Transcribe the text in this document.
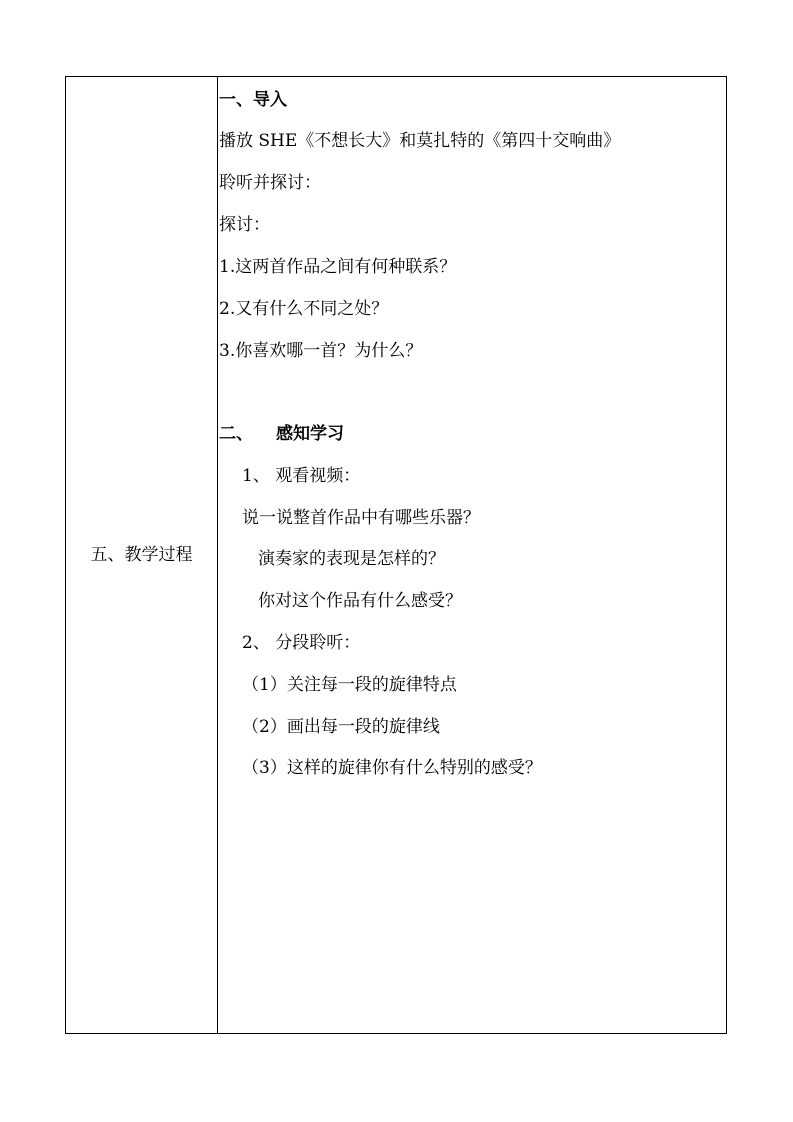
五、教学过程
一、导入
播放 SHE《不想长大》和莫扎特的《第四十交响曲》
聆听并探讨：
探讨：
1.这两首作品之间有何种联系？
2.又有什么不同之处？
3.你喜欢哪一首？为什么？
二、 感知学习
1、 观看视频：
说一说整首作品中有哪些乐器？
演奏家的表现是怎样的？
你对这个作品有什么感受？
2、 分段聆听：
（1）关注每一段的旋律特点
（2）画出每一段的旋律线
（3）这样的旋律你有什么特别的感受？
